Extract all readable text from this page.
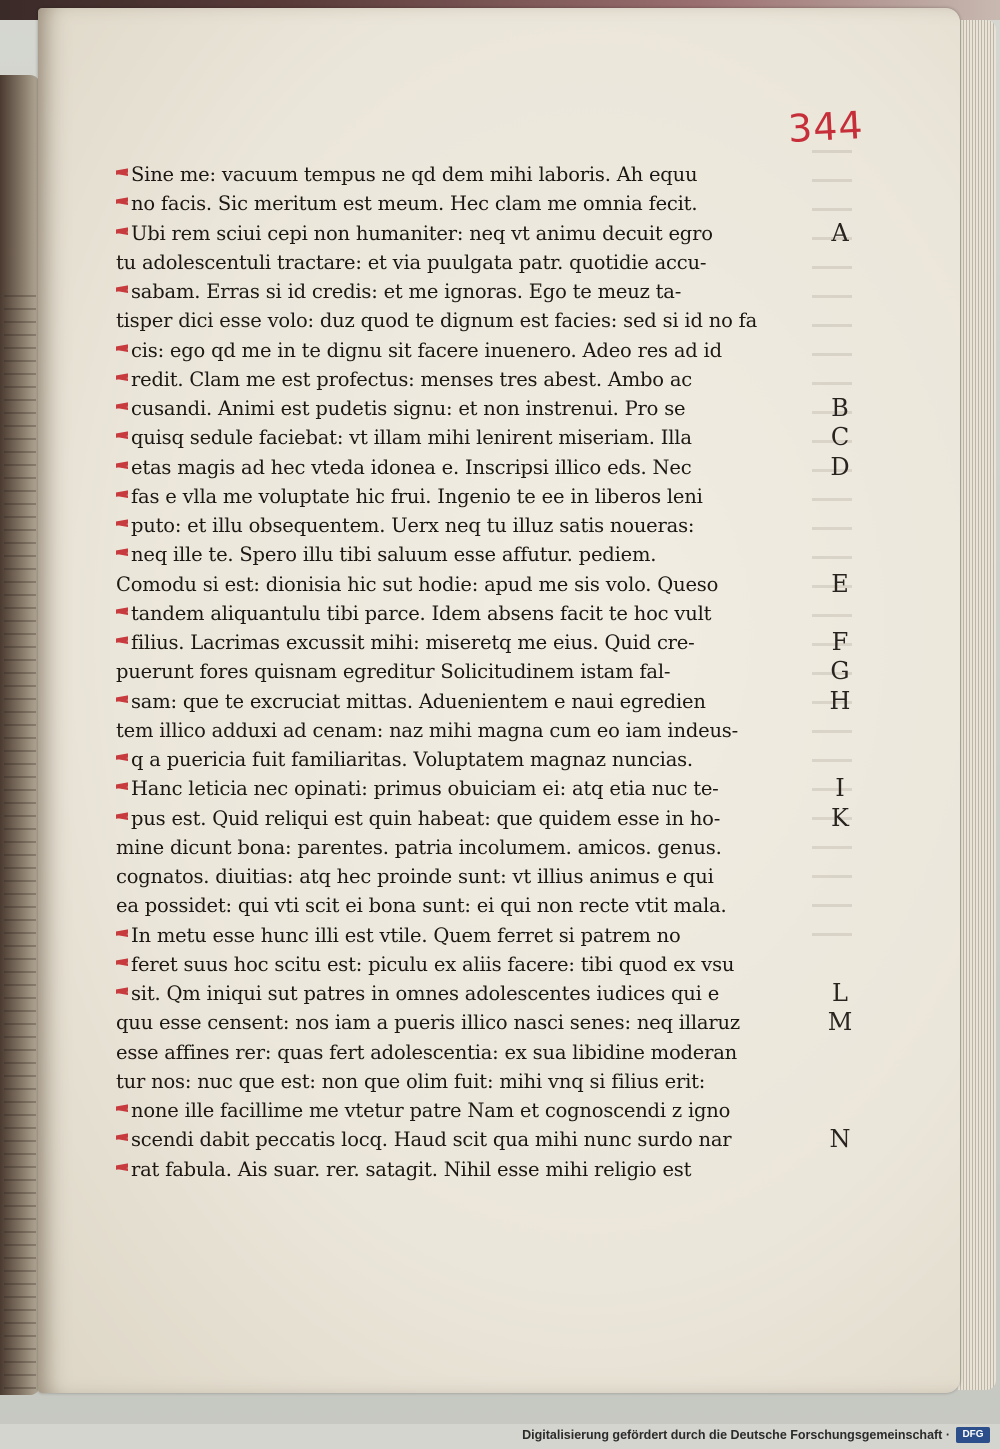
344
Sine me: vacuum tempus ne qd dem mihi laboris. Ah equu
no facis. Sic meritum est meum. Hec clam me omnia fecit.
Ubi rem sciui cepi non humaniter: neq vt animu decuit egro
tu adolescentuli tractare: et via puulgata patr. quotidie accu-
sabam. Erras si id credis: et me ignoras. Ego te meuz ta-
tisper dici esse volo: duz quod te dignum est facies: sed si id no fa
cis: ego qd me in te dignu sit facere inuenero. Adeo res ad id
redit. Clam me est profectus: menses tres abest. Ambo ac
cusandi. Animi est pudetis signu: et non instrenui. Pro se
quisq sedule faciebat: vt illam mihi lenirent miseriam. Illa
etas magis ad hec vteda idonea e. Inscripsi illico eds. Nec
fas e vlla me voluptate hic frui. Ingenio te ee in liberos leni
puto: et illu obsequentem. Uerx neq tu illuz satis noueras:
neq ille te. Spero illu tibi saluum esse affutur. pediem.
Comodu si est: dionisia hic sut hodie: apud me sis volo. Queso
tandem aliquantulu tibi parce. Idem absens facit te hoc vult
filius. Lacrimas excussit mihi: miseretq me eius. Quid cre-
puerunt fores quisnam egreditur Solicitudinem istam fal-
sam: que te excruciat mittas. Aduenientem e naui egredien
tem illico adduxi ad cenam: naz mihi magna cum eo iam indeus-
q a puericia fuit familiaritas. Voluptatem magnaz nuncias.
Hanc leticia nec opinati: primus obuiciam ei: atq etia nuc te-
pus est. Quid reliqui est quin habeat: que quidem esse in ho-
mine dicunt bona: parentes. patria incolumem. amicos. genus.
cognatos. diuitias: atq hec proinde sunt: vt illius animus e qui
ea possidet: qui vti scit ei bona sunt: ei qui non recte vtit mala.
In metu esse hunc illi est vtile. Quem ferret si patrem no
feret suus hoc scitu est: piculu ex aliis facere: tibi quod ex vsu
sit. Qm iniqui sut patres in omnes adolescentes iudices qui e
quu esse censent: nos iam a pueris illico nasci senes: neq illaruz
esse affines rer: quas fert adolescentia: ex sua libidine moderan
tur nos: nuc que est: non que olim fuit: mihi vnq si filius erit:
none ille facillime me vtetur patre Nam et cognoscendi z igno
scendi dabit peccatis locq. Haud scit qua mihi nunc surdo nar
rat fabula. Ais suar. rer. satagit. Nihil esse mihi religio est
A
B
C
D
E
F
G
H
I
K
L
M
N
Digitalisierung gefördert durch die Deutsche Forschungsgemeinschaft ·	DFG
